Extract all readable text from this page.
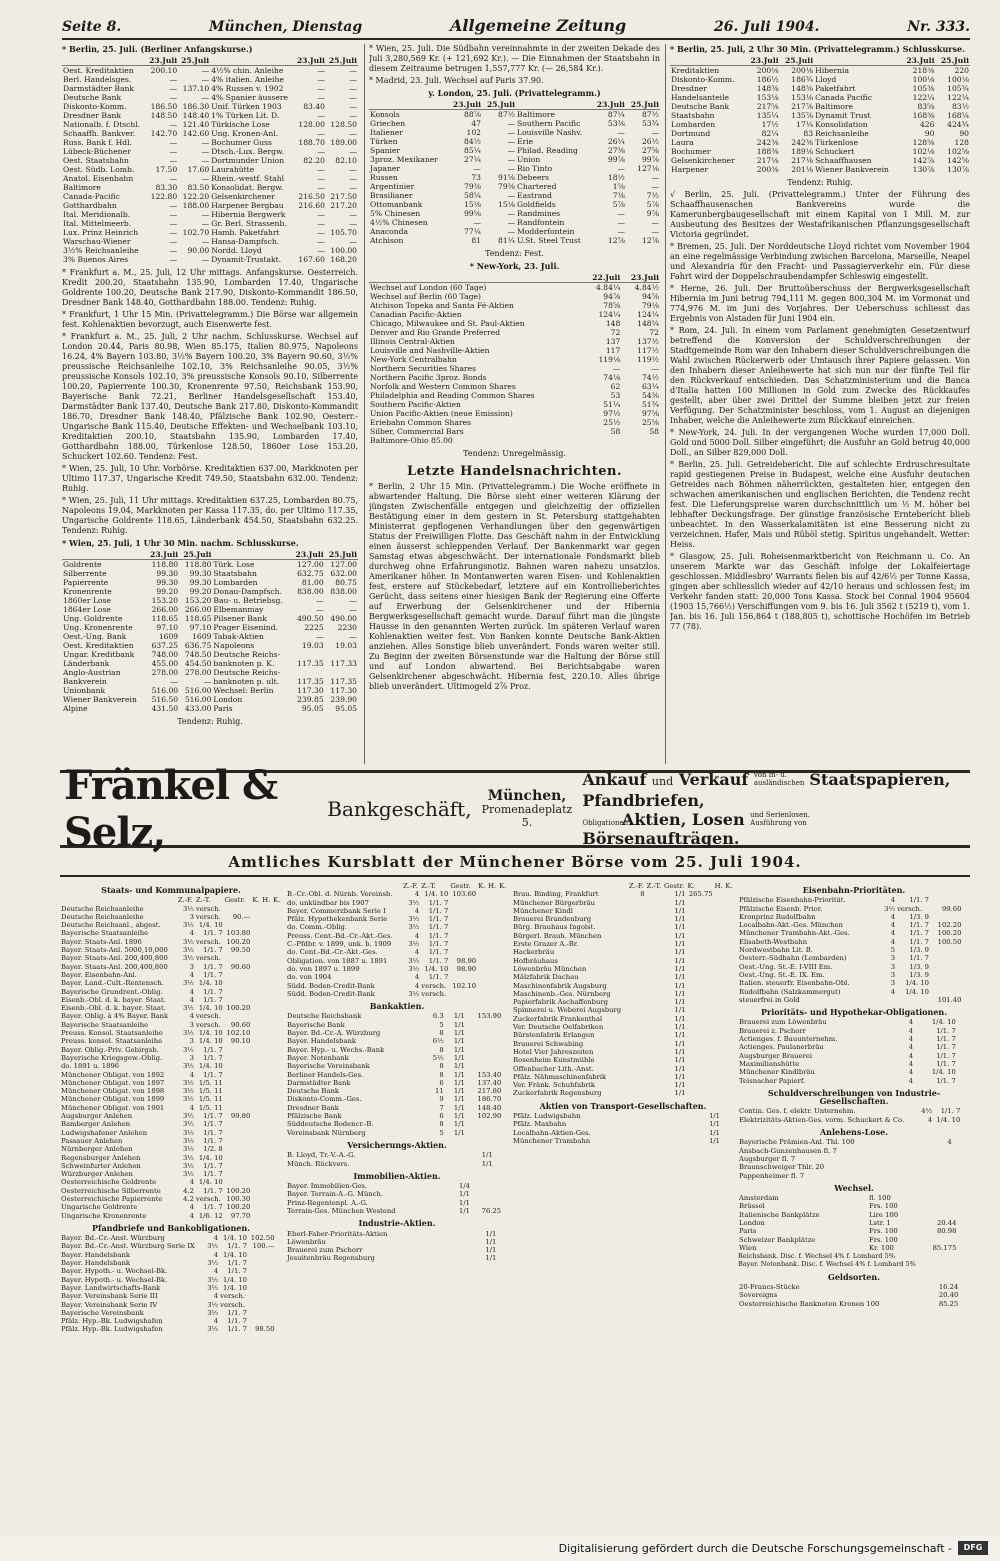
Seite 8.	München, Dienstag	Allgemeine Zeitung	26. Juli 1904.	Nr. 333.

* Berlin, 25. Juli. (Berliner Anfangskurse.)

	23.Juli	25.Juli		23.Juli	25.Juli
Oest. Kreditaktien	200.10	—	4½% chin. Anleihe	—	—
Berl. Handelsges.	—	—	4% italien. Anleihe	—	—
Darmstädter Bank	—	137.10	4% Russen v. 1902	—	—
Deutsche Bank	—	—	4% Spanier äussere	—	—
Diskonto-Komm.	186.50	186.30	Unif. Türken 1903	83.40	—
Dresdner Bank	148.50	148.40	1% Türken Lit. D.	—	—
Nationalb. f. Dtschl.	—	121.40	Türkische Lose	128.00	128.50
Schaaffh. Bankver.	142.70	142.60	Ung. Kronen-Anl.	—	—
Russ. Bank f. Hdl.	—	—	Bochumer Guss	188.70	189.00
Lübeck-Büchener	—	—	Dtsch.-Lux. Bergw.	—	—
Oest. Staatsbahn	—	—	Dortmunder Union	82.20	82.10
Oest. Südb. Lomb.	17.50	17.60	Laurahütte	—	—
Anatol. Eisenbahn	—	—	Rhein.-westf. Stahl	—	—
Baltimore	83.30	83.50	Konsolidat. Bergw.	—	—
Canada-Pacific	122.80	122.20	Gelsenkirchener	216.50	217.50
Gotthardbahn	—	188.00	Harpener Bergbau	216.60	217.20
Ital. Meridionalb.	—	—	Hibernia Bergwerk	—	—
Ital. Mittelmeerb.	—	—	Gr. Berl. Strassenb.	—	—
Lux. Prinz Heinrich	—	102.70	Hamb. Paketfahrt	—	105.70
Warschau-Wiener	—	—	Hansa-Dampfsch.	—	—
3½% Reichsanleihe	—	90.00	Nordd. Lloyd	—	100.00
3% Buenos Aires	—	—	Dynamit-Trustakt.	167.60	168.20

* Frankfurt a. M., 25. Juli, 12 Uhr mittags. Anfangskurse. Oesterreich. Kredit 200.20, Staatsbahn 135.90, Lombarden 17.40, Ungarische Goldrente 100.20, Deutsche Bank 217.90, Diskonto-Kommandit 186.50, Dresdner Bank 148.40, Gotthardbahn 188.00. Tendenz: Ruhig.

* Frankfurt, 1 Uhr 15 Min. (Privattelegramm.) Die Börse war allgemein fest. Kohlenaktien bevorzugt, auch Eisenwerte fest.

* Frankfurt a. M., 25. Juli, 2 Uhr nachm. Schlusskurse. Wechsel auf London 20.44, Paris 80.98, Wien 85.175, Italien 80.975, Napoleons 16.24, 4% Bayern 103.80, 3½% Bayern 100.20, 3% Bayern 90.60, 3½% preussische Reichsanleihe 102.10, 3% Reichsanleihe 90.05, 3½% preussische Konsols 102.10, 3% preussische Konsols 90.10, Silberrente 100.20, Papierrente 100.30, Kronenrente 97.50, Reichsbank 153.90, Bayerische Bank 72.21, Berliner Handelsgesellschaft 153.40, Darmstädter Bank 137.40, Deutsche Bank 217.80, Diskonto-Kommandit 186.70, Dresdner Bank 148.40, Pfälzische Bank 102.90, Oesterr.-Ungarische Bank 115.40, Deutsche Effekten- und Wechselbank 103.10, Kreditaktien 200.10, Staatsbahn 135.90, Lombarden 17.40, Gotthardbahn 188.00, Türkenlose 128.50, 1860er Lose 153.20, Schuckert 102.60. Tendenz: Fest.

* Wien, 25. Juli, 10 Uhr. Vorbörse. Kreditaktien 637.00, Markknoten per Ultimo 117.37, Ungarische Kredit 749.50, Staatsbahn 632.00. Tendenz: Ruhig.

* Wien, 25. Juli, 11 Uhr mittags. Kreditaktien 637.25, Lombarden 80.75, Napoleons 19.04, Markknoten per Kassa 117.35, do. per Ultimo 117.35, Ungarische Goldrente 118.65, Länderbank 454.50, Staatsbahn 632.25. Tendenz: Ruhig.

* Wien, 25. Juli, 1 Uhr 30 Min. nachm. Schlusskurse.

	23.Juli	25.Juli		23.Juli	25.Juli
Goldrente	118.80	118.80	Türk. Lose	127.00	127.00
Silberrente	99.30	99.30	Staatsbahn	632.75	632.00
Papierrente	99.30	99.30	Lombarden	81.00	80.75
Kronenrente	99.20	99.20	Donau-Dampfsch.	838.00	838.00
1860er Lose	153.20	153.20	Bau- u. Betriebsg.	—	—
1864er Lose	266.00	266.00	Elbemanmay	—	—
Ung. Goldrente	118.65	118.65	Pilsener Bank	490.50	490.00
Ung. Kronenrente	97.10	97.10	Prager Eisenind.	2225	2230
Oest.-Ung. Bank	1609	1609	Tabak-Aktien	—	—
Oest. Kreditaktien	637.25	636.75	Napoleons	19.03	19.03
Ungar. Kreditbank	748.00	748.50	Deutsche Reichs-		
Länderbank	455.00	454.50	banknoten p. K.	117.35	117.33
Anglo-Austrian	278.00	278.00	Deutsche Reichs-		
Bankverein	—	—	banknoten p. ult.	117.35	117.35
Unionbank	516.00	516.00	Wechsel: Berlin	117.30	117.30
Wiener Bankverein	516.50	516.00	London	239.85	239.90
Alpine	431.50	433.00	Paris	95.05	95.05

Tendenz: Ruhig.

* Wien, 25. Juli. Die Südbahn vereinnahmte in der zweiten Dekade des Juli 3,280,569 Kr. (+ 121,692 Kr.). — Die Einnahmen der Staatsbahn in diesem Zeitraume betrugen 1,557,777 Kr. (— 26,584 Kr.).

* Madrid, 23. Juli. Wechsel auf Paris 37.90.

y. London, 25. Juli. (Privattelegramm.)

	23.Juli	25.Juli		23.Juli	25.Juli
Konsols	88⅞	87½	Baltimore	87¼	87½
Griechen	47	—	Southern Pacific	53⅜	53¾
Italiener	102	—	Louisville Nashv.	—	—
Türken	84½	—	Erie	26¼	26½
Spanier	85¼	—	Philad. Reading	27⅜	27⅝
3proz. Mexikaner	27¼	—	Union	99⅞	99⅞
Japaner	—	—	Rio Tinto	—	127⅛
Russen	73	91⅝	Debeers	18½	—
Argentinier	79⅜	79⅜	Chartered	1⅝	—
Brasilianer	58¼	—	Eastrand	7⅜	7½
Ottomanbank	15⅛	15⅛	Goldfields	5⅞	5⅞
5% Chinesen	99⅝	—	Randmines	—	9⅞
4½% Chinesen	—	—	Randfontein	—	—
Anaconda	77¼	—	Modderfontein	—	—
Atchison	81	81¼	U.St. Steel Trust	12⅞	12⅞

Tendenz: Fest.

* New-York, 23. Juli.

	22.Juli	23.Juli
Wechsel auf London (60 Tage)	4.84¼	4.84½
Wechsel auf Berlin (60 Tage)	94⅞	94⅞
Atchison Topeka and Santa Fé-Aktien	78⅝	79⅛
Canadian Pacific-Aktien	124¼	124¼
Chicago, Milwaukee and St. Paul-Aktien	148	148¼
Denver and Rio Grande Preferred	72	72
Illinois Central-Aktien	137	137½
Louisville and Nashville-Aktien	117	117½
New-York Centralbahn	119⅛	119½
Northern Securities Shares	—	—
Northern Pacific 3proz. Bonds	74⅛	74½
Norfolk and Western Common Shares	62	63¼
Philadelphia and Reading Common Shares	53	54⅜
Southern Pacific-Aktien	51¼	51¾
Union Pacific-Aktien (neue Emission)	97½	97⅝
Eriebahn Common Shares	25½	25⅝
Silber, Commercial Bars	58	58
Baltimore-Ohio 85.00		

Tendenz: Unregelmässig.

Letzte Handelsnachrichten.

* Berlin, 2 Uhr 15 Min. (Privattelegramm.) Die Woche eröffnete in abwartender Haltung. Die Börse sieht einer weiteren Klärung der jüngsten Zwischenfälle entgegen und gleichzeitig der offiziellen Bestätigung einer in dem gestern in St. Petersburg stattgehabten Ministerrat gepflogenen Verhandlungen über den gegenwärtigen Status der Freiwilligen Flotte. Das Geschäft nahm in der Entwicklung einen äusserst schleppenden Verlauf. Der Bankenmarkt war gegen Samstag etwas abgeschwächt. Der internationale Fondsmarkt blieb durchweg ohne Erfahrungsnotiz. Bahnen waren nahezu unsatzlos. Amerikaner höher. In Montanwerten waren Eisen- und Kohlenaktien fest, erstere auf Stückebedarf, letztere auf ein Kontrollieberichtes Gerücht, dass seitens einer hiesigen Bank der Regierung eine Offerte auf Erwerbung der Gelsenkirchener und der Hibernia Bergwerksgesellschaft gemacht wurde. Darauf führt man die jüngste Hausse in den genannten Werten zurück. Im späteren Verlauf waren Kohlenaktien weiter fest. Von Banken konnte Deutsche Bank-Aktien anziehen. Alles Sonstige blieb unverändert. Fonds waren weiter still. Zu Beginn der zweiten Börsenstunde war die Haltung der Börse still und auf London abwartend. Bei Berichtsabgabe waren Gelsenkirchener abgeschwächt. Hibernia fest, 220.10. Alles übrige blieb unverändert. Ultimogeld 2⅞ Proz.

* Berlin, 25. Juli, 2 Uhr 30 Min. (Privattelegramm.) Schlusskurse.

	23.Juli	25.Juli		23.Juli	25.Juli
Kreditaktien	200⅛	200⅛	Hibernia	218⅜	220
Diskonto-Komm.	186½	186¾	Lloyd	100⅛	100⅛
Dresdner	148⅜	148⅜	Paketfahrt	105⅜	105¾
Handelsanteile	153⅛	153⅛	Canada Pacific	122¼	122¼
Deutsche Bank	217⅝	217⅞	Baltimore	83⅝	83½
Staatsbahn	135¼	135⅞	Dynamit Trust	168⅜	168¼
Lombarden	17½	17¼	Konsolidation	426	424¾
Dortmund	82¼	83	Reichsanleihe	90	90
Laura	242⅜	242⅜	Türkenlose	128⅜	128
Bochumer	188⅜	189⅛	Schuckert	102⅛	102⅝
Gelsenkirchener	217⅛	217⅛	Schaaffhausen	142⅞	142⅝
Harpener	200⅜	201⅛	Wiener Bankverein	130⅞	130⅞

Tendenz: Ruhig.

√ Berlin, 25. Juli. (Privattelegramm.) Unter der Führung des Schaaffhausenschen Bankvereins wurde die Kamerunbergbaugesellschaft mit einem Kapital von 1 Mill. M. zur Ausbeutung des Besitzes der Westafrikanischen Pflanzungsgesellschaft Victoria gegründet.

* Bremen, 25. Juli. Der Norddeutsche Lloyd richtet vom November 1904 an eine regelmässige Verbindung zwischen Barcelona, Marseille, Neapel und Alexandria für den Fracht- und Passagierverkehr ein. Für diese Fahrt wird der Doppelschraubendampfer Schleswig eingestellt.

* Herne, 26. Juli. Der Bruttoüberschuss der Bergwerksgesellschaft Hibernia im Juni betrug 794,111 M. gegen 800,304 M. im Vormonat und 774,976 M. im Juni des Vorjahres. Der Ueberschuss schliesst das Ergebnis von Alstaden für Juni 1904 ein.

* Rom, 24. Juli. In einem vom Parlament genehmigten Gesetzentwurf betreffend die Konversion der Schuldverschreibungen der Stadtgemeinde Rom war den Inhabern dieser Schuldverschreibungen die Wahl zwischen Rückerwerb oder Umtausch ihrer Papiere gelassen. Von den Inhabern dieser Anleihewerte hat sich nun nur der fünfte Teil für den Rückverkauf entschieden. Das Schatzministerium und die Banca d'Italia hatten 100 Millionen in Gold zum Zwecke des Rückkaufes gestellt, aber über zwei Drittel der Summe bleiben jetzt zur freien Verfügung. Der Schatzminister beschloss, vom 1. August an diejenigen Inhaber, welche die Anleihewerte zum Rückkauf einreichen.

* New-York, 24. Juli. In der vergangenen Woche wurden 17,000 Doll. Gold und 5000 Doll. Silber eingeführt; die Ausfuhr an Gold betrug 40,000 Doll., an Silber 829,000 Doll.

* Berlin, 25. Juli. Getreidebericht. Die auf schlechte Erdruschresultate rapid gestiegenen Preise in Budapest, welche eine Ausfuhr deutschen Getreides nach Böhmen näherrückten, gestalteten hier, entgegen den schwachen amerikanischen und englischen Berichten, die Tendenz recht fest. Die Lieferungspreise waren durchschnittlich um ½ M. höher bei lebhafter Deckungsfrage. Der günstige französische Ernteberícht blieb unbeachtet. In den Wasserkalamitäten ist eine Besserung nicht zu verzeichnen. Hafer, Mais und Rüböl stetig. Spiritus ungehandelt. Wetter: Heiss.

* Glasgow, 25. Juli. Roheisenmarktbericht von Reichmann u. Co. An unserem Markte war das Geschäft infolge der Lokalfeiertage geschlossen. Middlesbro' Warrants fielen bis auf 42/6½ per Tonne Kassa, gingen aber schliesslich wieder auf 42/10 heraus und schlossen fest; im Verkehr fanden statt: 20,000 Tons Kassa. Stock bei Connal 1904 95604 (1903 15,766½) Verschiffungen vom 9. bis 16. Juli 3562 t (5219 t), vom 1. Jan. bis 16. Juli 156,864 t (188,805 t), schottische Hochöfen im Betrieb 77 (78).

Fränkel & Selz,	Bankgeschäft,
München,
Promenadeplatz 5.
Ankauf und Verkauf von in- u. ausländischen Staatspapieren, Pfandbriefen,
Obligationen Aktien, Losen und Serienlosen. Ausführung von Börsenaufträgen.
Amtliches Kursblatt der Münchener Börse vom 25. Juli 1904.
Staats- und Kommunalpapiere.
	Z.-F.	Z.-T.	Gestr.	K.	H.	K.
Deutsche Reichsanleihe	3½	versch.				
Deutsche Reichsanleihe	3	versch.	90.—			
Deutsche Reichsanl., abgest.	3½	1/4. 10				
Bayerische Staatsanleihe	4	1/1. 7	103.80			
Bayer. Staats-Anl. 1896	3½	versch.	100.20			
Bayer. Staats-Anl. 5000,10,000	3½	1/1. 7	99.50			
Bayer. Staats-Anl. 200,400,800	3½	versch.				
Bayer. Staats-Anl. 200,400,800	3	1/1. 7	90.60			
Bayer. Eisenbahn-Anl.	4	1/1. 7				
Bayer. Land.-Cult.-Rentensch.	3½	1/4. 10				
Bayerische Grundrent.-Oblig.	4	1/1. 7				
Eisenb.-Obl. d. k. bayer. Staat.	4	1/1. 7				
Eisenb.-Obl. d. k. bayer. Staat.	3½	1/4. 10	100.20			
Bayer. Oblig. à 4% Bayer. Bank	4	versch.				
Bayerische Staatsanleihe	3	versch.	90.60			
Preuss. Konsol. Staatsanleihe	3½	1/4. 10	102.10			
Preuss. konsol. Staatsanleihe	3	1/4. 10	90.10			
Bayer. Oblig.-Priv. Gebirgsb.	3½	1/1. 7				
Bayerische Kriegsgew.-Oblig.	3	1/1. 7				
do. 1891 u. 1896	3½	1/4. 10				
Münchener Obligat. von 1892	4	1/1. 7				
Münchener Obligat. von 1897	3½	1/5. 11				
Münchener Obligat. von 1898	3½	1/5. 11				
Münchener Obligat. von 1899	3½	1/5. 11				
Münchener Obligat. von 1901	4	1/5. 11				
Augsburger Anlehen	3½	1/1. 7	99.80			
Bamberger Anlehen	3½	1/1. 7				
Ludwigshafener Anlehen	3½	1/1. 7				
Passauer Anlehen	3½	1/1. 7				
Nürnberger Anlehen	3½	1/2. 8				
Regensburger Anlehen	3½	1/4. 10				
Schweinfurter Anlehen	3½	1/1. 7				
Würzburger Anlehen	3½	1/1. 7				
Oesterreichische Goldrente	4	1/4. 10				
Oesterreichische Silberrente	4.2	1/1. 7	100.20			
Oesterreichische Papierrente	4.2	versch.	100.30			
Ungarische Goldrente	4	1/1. 7	100.20			
Ungarische Kronenrente	4	1/6. 12	97.70			
Pfandbriefe und Bankobligationen.
Bayer. Bd.-Cr.-Anst. Würzburg	4	1/4. 10	102.50			
Bayer. Bd.-Cr.-Anst. Würzburg Serie IX	3½	1/1. 7	100.—			
Bayer. Handelsbank	4	1/4. 10				
Bayer. Handelsbank	3½	1/1. 7				
Bayer. Hypoth.- u. Wechsel-Bk.	4	1/1. 7				
Bayer. Hypoth.- u. Wechsel-Bk.	3½	1/4. 10				
Bayer. Landwirtschafts-Bank	3½	1/4. 10				
Bayer. Vereinsbank Serie III	4	versch.				
Bayer. Vereinsbank Serie IV	3½	versch.				
Bayerische Vereinsbank	3½	1/1. 7				
Pfälz. Hyp.-Bk. Ludwigshafen	4	1/1. 7				
Pfälz. Hyp.-Bk. Ludwigshafen	3½	1/1. 7	98.50			
	Z.-F.	Z.-T.	Gestr.	K.	H.	K.
B.-Cr.-Obl. d. Nürnb. Vereinsb.	4	1/4. 10	103.60			
do. unkündbar bis 1907	3½	1/1. 7				
Bayer. Commerzbank Serie I	4	1/1. 7				
Pfälz. Hypothekenbank Serie	3½	1/1. 7				
do. Comm.-Oblig.	3½	1/1. 7				
Preuss. Cent.-Bd.-Cr.-Akt.-Ges.	4	1/1. 7				
C.-Pfdbr. v. 1899, unk. b. 1909	3½	1/1. 7				
do. Cent.-Bd.-Cr.-Akt.-Ges.	4	1/1. 7				
Obligation. von 1887 u. 1891	3½	1/1. 7	98.90			
do. von 1897 u. 1899	3½	1/4. 10	98.90			
do. von 1904	4	1/1. 7				
Südd. Boden-Credit-Bank	4	versch.	102.10			
Südd. Boden-Credit-Bank	3½	versch.				
Bankaktien.
Deutsche Reichsbank	6.3		1/1	153.90		
Bayerische Bank	5		1/1			
Bayer. Bd.-Cr.-A. Würzburg	8		1/1			
Bayer. Handelsbank	6½		1/1			
Bayer. Hyp.- u. Wechs.-Bank	8		1/1			
Bayer. Notenbank	5½		1/1			
Bayerische Vereinsbank	8		1/1			
Berliner Handels-Ges.	8		1/1	153.40		
Darmstädter Bank	6		1/1	137.40		
Deutsche Bank	11		1/1	217.80		
Diskonto-Comm.-Ges.	9		1/1	186.70		
Dresdner Bank	7		1/1	148.40		
Pfälzische Bank	6		1/1	102.90		
Süddeutsche Bodencr.-B.	8		1/1			
Vereinsbank Nürnberg	5		1/1			
Versicherungs-Aktien.
B. Lloyd, Tr.-V.-A.-G.			1/1			
Münch. Rückvers.			1/1			
Immobilien-Aktien.
Bayer. Immobilien-Ges.			1/4			
Bayer. Terrain-A.-G. Münch.			1/1			
Prinz-Regentenpl. A.-G.			1/1			
Terrain-Ges. München Westend			1/1	76.25		
Industrie-Aktien.
Eberl-Faber-Prioritäts-Aktien			1/1			
Löwenbräu			1/1			
Brauerei zum Pschorr			1/1			
Jesuitenbräu Regensburg			1/1			
	Z.-F.	Z.-T.	Gestr.	K.	H.	K.
Brau. Binding, Frankfurt	8		1/1	265.75		
Münchener Bürgerbräu			1/1			
Münchener Kindl			1/1			
Brauerei Brandenburg			1/1			
Bürg. Brauhaus Ingolst.			1/1			
Bürgerl. Brauh. München			1/1			
Erste Grazer A.-Br.			1/1			
Hackerbräu			1/1			
Hofbräuhaus			1/1			
Löwenbräu München			1/1			
Mälzfabrik Dachau			1/1			
Maschinenfabrik Augsburg			1/1			
Maschinenb.-Ges. Nürnberg			1/1			
Papierfabrik Aschaffenburg			1/1			
Spinnerei u. Weberei Augsburg			1/1			
Zuckerfabrik Frankenthal			1/1			
Ver. Deutsche Oelfabriken			1/1			
Bürstenfabrik Erlangen			1/1			
Brauerei Schwabing			1/1			
Hotel Vier Jahreszeiten			1/1			
Rosenheim Kunstmühle			1/1			
Offenbacher Lith.-Anst.			1/1			
Pfälz. Nähmaschinenfabrik			1/1			
Ver. Fränk. Schuhfabrik			1/1			
Zuckerfabrik Regensburg			1/1			
Aktien von Transport-Gesellschaften.
Pfälz. Ludwigsbahn			1/1			
Pfälz. Maxbahn			1/1			
Localbahn-Aktien-Ges.			1/1			
Münchener Trambahn			1/1			
Eisenbahn-Prioritäten.
Pfälzische Eisenbahn-Priorität.	4	1/1. 7				
Pfälzische Eisenb. Prior.	3½	versch.	99.60			
Kronprinz Rudolfbahn	4	1/3. 9				
Localbahn-Akt.-Ges. München	4	1/1. 7	102.20			
Münchener Trambahn-Akt.-Ges.	4	1/1. 7	100.20			
Elisabeth-Westbahn	4	1/1. 7	100.50			
Nordwestbahn Lit. B.	5	1/3. 9				
Oesterr.-Südbahn (Lombarden)	3	1/1. 7				
Oest.-Ung. St.-E. I-VIII Em.	3	1/3. 9				
Oest.-Ung. St.-E. IX. Em.	3	1/3. 9				
Italien. steuerfr. Eisenbahn-Obl.	3	1/4. 10				
Rudolfbahn (Salzkammergut)	4	1/4. 10				
steuerfrei in Gold			101.40			
Prioritäts- und Hypothekar-Obligationen.
Brauerei zum Löwenbräu	4	1/4. 10				
Brauerei z. Pschorr	4	1/1. 7				
Actienges. f. Bauunternehm.	4	1/1. 7				
Actienges. Paulanerbräu	4	1/1. 7				
Augsburger Brauerei	4	1/1. 7				
Maximilianshütte	4	1/1. 7				
Münchener Kindlbräu	4	1/4. 10				
Teisnacher Papierf.	4	1/1. 7				
Schuldverschreibungen von Industrie-Gesellschaften.
Contin. Ges. f. elektr. Unternehm.	4½	1/1. 7				
Elektrizitäts-Aktien-Ges. vorm. Schuckert & Co.	4	1/4. 10				
Anlehens-Lose.
Bayerische Prämien-Anl. Thl. 100	4					
Ansbach-Gunzenhausen fl. 7						
Augsburger fl. 7						
Braunschweiger Thlr. 20						
Pappenheimer fl. 7						
Wechsel.
Amsterdam	fl. 100					
Brüssel	Frs. 100					
Italienische Bankplätze	Lire 100					
London	Lstr. 1	20.44				
Paris	Frs. 100	80.98				
Schweizer Bankplätze	Frs. 100					
Wien	Kr. 100	85.175				
Reichsbank. Disc. f. Wechsel 4% f. Lombard 5%
Bayer. Notenbank. Disc. f. Wechsel 4% f. Lombard 5%
Geldsorten.
20-Francs-Stücke		16.24				
Sovereigns		20.40				
Oesterreichische Banknoten Kronen 100		85.25				
Digitalisierung gefördert durch die Deutsche Forschungsgemeinschaft -	DFG
